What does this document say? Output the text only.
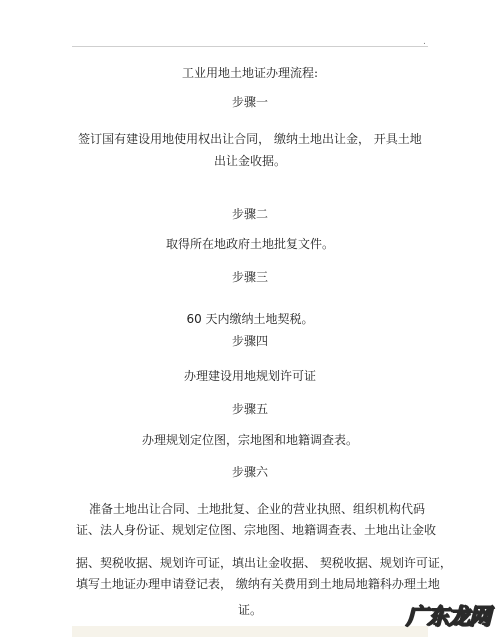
.
工业用地土地证办理流程:
步骤一
签订国有建设用地使用权出让合同， 缴纳土地出让金， 开具土地
出让金收据。
步骤二
取得所在地政府土地批复文件。
步骤三
60 天内缴纳土地契税。
步骤四
办理建设用地规划许可证
步骤五
办理规划定位图，宗地图和地籍调查表。
步骤六
准备土地出让合同、土地批复、企业的营业执照、组织机构代码
证、法人身份证、规划定位图、宗地图、地籍调查表、土地出让金收
据、契税收据、规划许可证，填出让金收据、 契税收据、规划许可证，
填写土地证办理申请登记表， 缴纳有关费用到土地局地籍科办理土地
证。	广东龙网
